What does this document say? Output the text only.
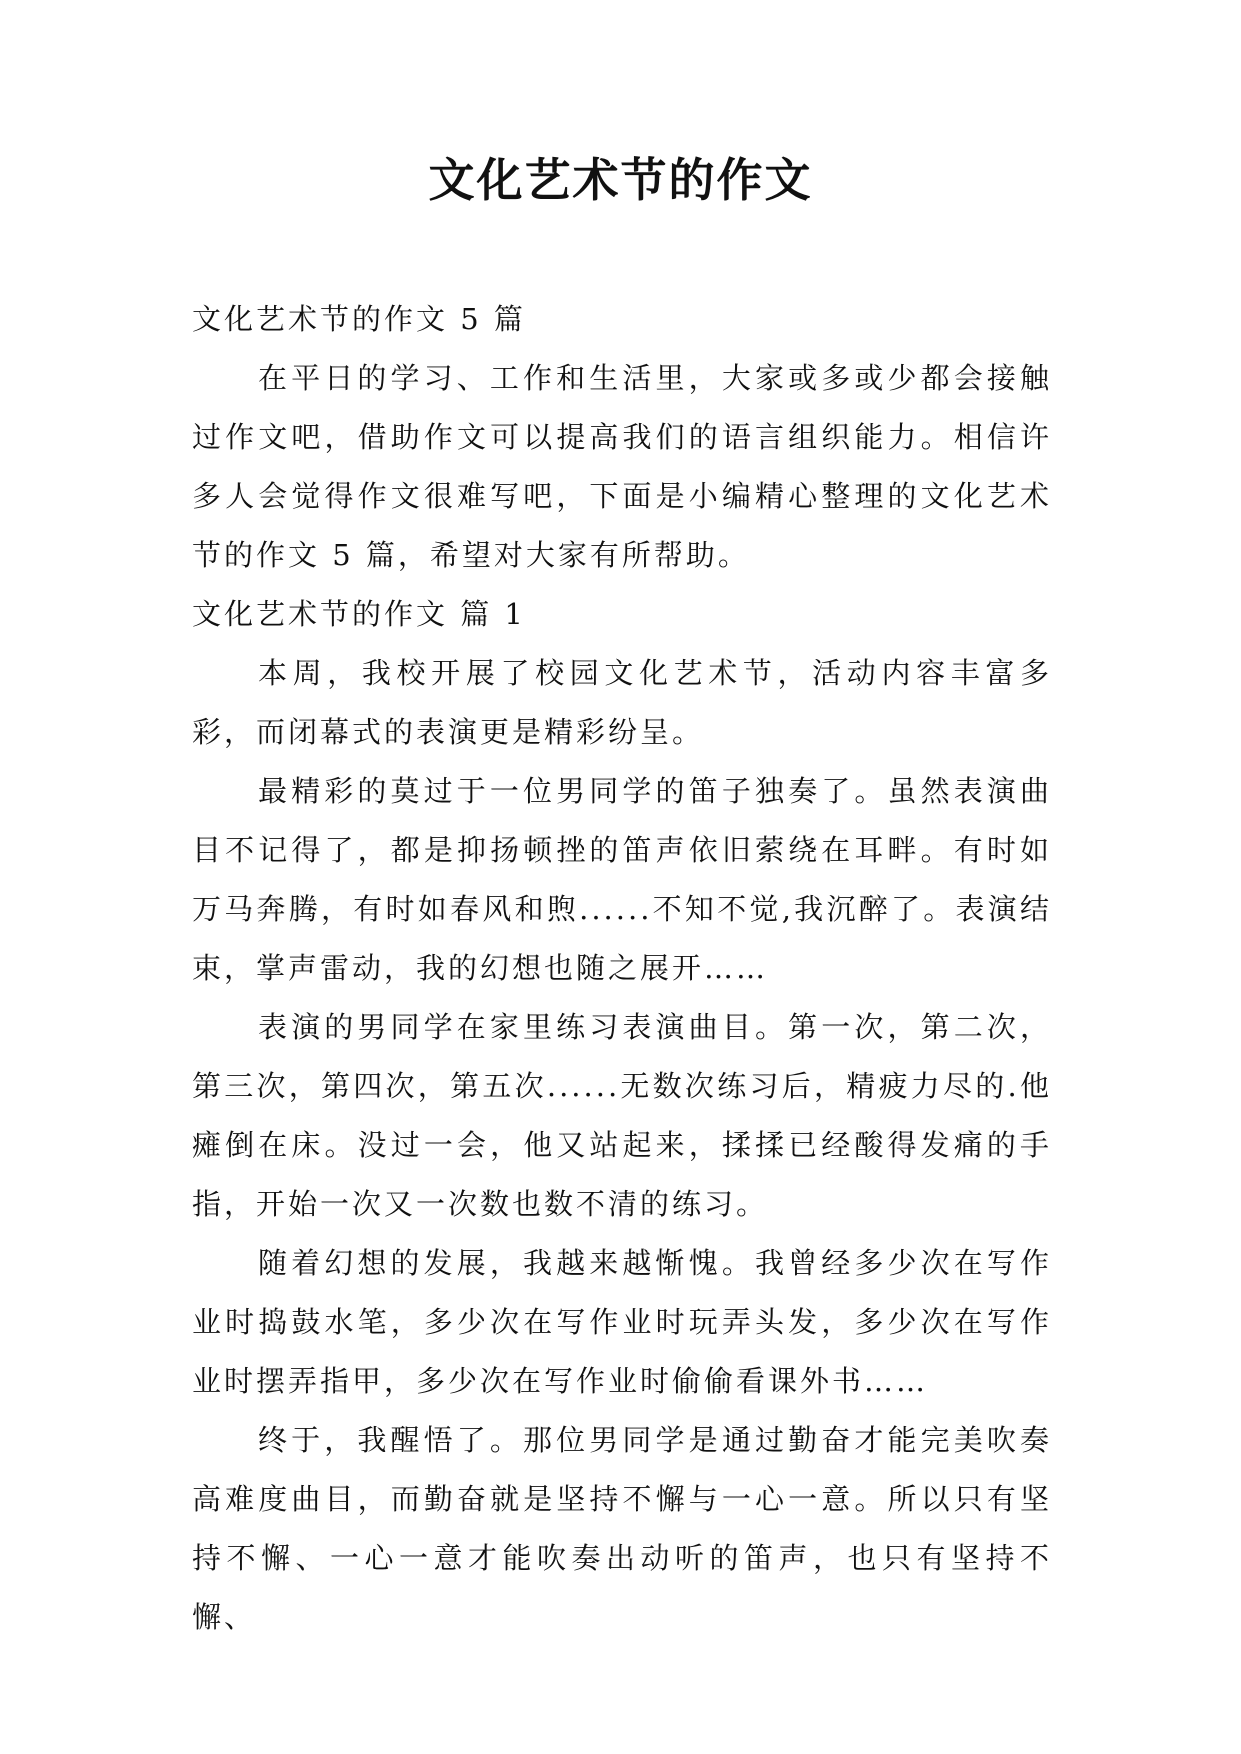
文化艺术节的作文

文化艺术节的作文 5 篇

在平日的学习、工作和生活里，大家或多或少都会接触过作文吧，借助作文可以提高我们的语言组织能力。相信许多人会觉得作文很难写吧，下面是小编精心整理的文化艺术节的作文 5 篇，希望对大家有所帮助。

文化艺术节的作文 篇 1

本周，我校开展了校园文化艺术节，活动内容丰富多彩，而闭幕式的表演更是精彩纷呈。

最精彩的莫过于一位男同学的笛子独奏了。虽然表演曲目不记得了，都是抑扬顿挫的笛声依旧萦绕在耳畔。有时如万马奔腾，有时如春风和煦......不知不觉,我沉醉了。表演结束，掌声雷动，我的幻想也随之展开……

表演的男同学在家里练习表演曲目。第一次，第二次，第三次，第四次，第五次......无数次练习后，精疲力尽的.他瘫倒在床。没过一会，他又站起来，揉揉已经酸得发痛的手指，开始一次又一次数也数不清的练习。

随着幻想的发展，我越来越惭愧。我曾经多少次在写作业时捣鼓水笔，多少次在写作业时玩弄头发，多少次在写作业时摆弄指甲，多少次在写作业时偷偷看课外书……

终于，我醒悟了。那位男同学是通过勤奋才能完美吹奏高难度曲目，而勤奋就是坚持不懈与一心一意。所以只有坚持不懈、一心一意才能吹奏出动听的笛声，也只有坚持不懈、
